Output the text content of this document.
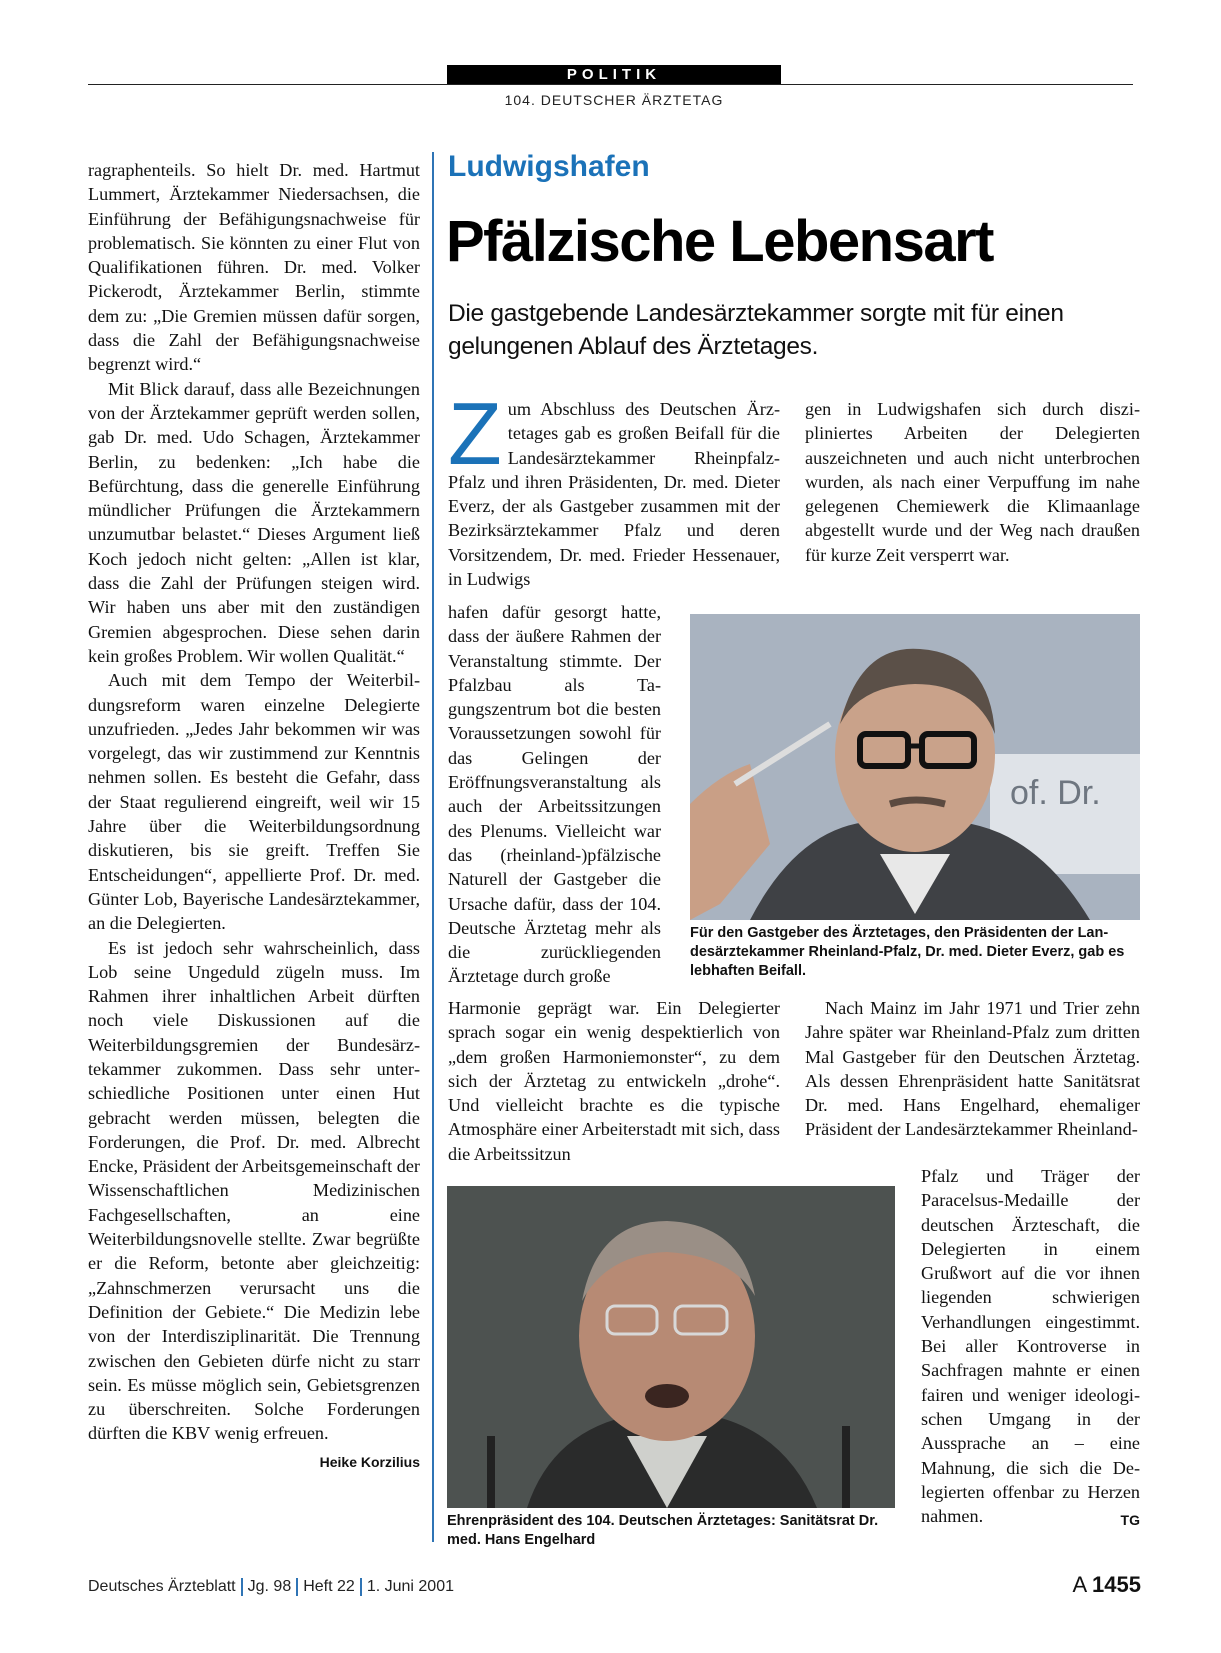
POLITIK
104. DEUTSCHER ÄRZTETAG

ragraphenteils. So hielt Dr. med. Hartmut Lummert, Ärztekammer Niedersachsen, die Einführung der Befähigungsnachweise für problematisch. Sie könnten zu einer Flut von Qualifikationen führen. Dr. med. Volker Pickerodt, Ärztekammer Berlin, stimmte dem zu: „Die Gremien müssen dafür sorgen, dass die Zahl der Befähigungsnachweise begrenzt wird.“

Mit Blick darauf, dass alle Bezeichnungen von der Ärztekammer geprüft werden sollen, gab Dr. med. Udo Schagen, Ärztekammer Berlin, zu bedenken: „Ich habe die Befürchtung, dass die generelle Einführung mündlicher Prüfungen die Ärztekammern unzumutbar belastet.“ Dieses Argument ließ Koch jedoch nicht gelten: „Allen ist klar, dass die Zahl der Prüfungen steigen wird. Wir haben uns aber mit den zuständigen Gremien abgesprochen. Diese sehen darin kein großes Problem. Wir wollen Qualität.“

Auch mit dem Tempo der Weiterbildungsreform waren einzelne Delegierte unzufrieden. „Jedes Jahr bekommen wir was vorgelegt, das wir zustimmend zur Kenntnis nehmen sollen. Es besteht die Gefahr, dass der Staat regulierend eingreift, weil wir 15 Jahre über die Weiterbildungsordnung diskutieren, bis sie greift. Treffen Sie Entscheidungen“, appellierte Prof. Dr. med. Günter Lob, Bayerische Landesärztekammer, an die Delegierten.

Es ist jedoch sehr wahrscheinlich, dass Lob seine Ungeduld zügeln muss. Im Rahmen ihrer inhaltlichen Arbeit dürften noch viele Diskussionen auf die Weiterbildungsgremien der Bundesärztekammer zukommen. Dass sehr unterschiedliche Positionen unter einen Hut gebracht werden müssen, belegten die Forderungen, die Prof. Dr. med. Albrecht Encke, Präsident der Arbeitsgemeinschaft der Wissenschaftlichen Medizinischen Fachgesellschaften, an eine Weiterbildungsnovelle stellte. Zwar begrüßte er die Reform, betonte aber gleichzeitig: „Zahnschmerzen verursacht uns die Definition der Gebiete.“ Die Medizin lebe von der Interdisziplinarität. Die Trennung zwischen den Gebieten dürfe nicht zu starr sein. Es müsse möglich sein, Gebietsgrenzen zu überschreiten. Solche Forderungen dürften die KBV wenig erfreuen.
Heike Korzilius

Ludwigshafen
Pfälzische Lebensart
Die gastgebende Landesärztekammer sorgte mit für einen gelungenen Ablauf des Ärztetages.

Zum Abschluss des Deutschen Ärztetages gab es großen Beifall für die Landesärztekammer Rheinpfalz-Pfalz und ihren Präsidenten, Dr. med. Dieter Everz, der als Gastgeber zusammen mit der Bezirksärztekammer Pfalz und deren Vorsitzendem, Dr. med. Frieder Hessenauer, in Ludwigs

hafen dafür gesorgt hatte, dass der äußere Rahmen der Veranstaltung stimmte. Der Pfalzbau als Tagungszentrum bot die besten Voraussetzungen sowohl für das Gelingen der Eröffnungsveranstaltung als auch der Arbeitssitzungen des Plenums. Vielleicht war das (rheinland-)pfälzische Naturell der Gastgeber die Ursache dafür, dass der 104. Deutsche Ärztetag mehr als die zurückliegenden Ärztetage durch große

Harmonie geprägt war. Ein Delegierter sprach sogar ein wenig despektierlich von „dem großen Harmoniemonster“, zu dem sich der Ärztetag zu entwickeln „drohe“. Und vielleicht brachte es die typische Atmosphäre einer Arbeiterstadt mit sich, dass die Arbeitssitzun

gen in Ludwigshafen sich durch diszipliniertes Arbeiten der Delegierten auszeichneten und auch nicht unterbrochen wurden, als nach einer Verpuffung im nahe gelegenen Chemiewerk die Klimaanlage abgestellt wurde und der Weg nach draußen für kurze Zeit versperrt war.

of. Dr.
Für den Gastgeber des Ärztetages, den Präsidenten der Landesärztekammer Rheinland-Pfalz, Dr. med. Dieter Everz, gab es lebhaften Beifall.

Nach Mainz im Jahr 1971 und Trier zehn Jahre später war Rheinland-Pfalz zum dritten Mal Gastgeber für den Deutschen Ärztetag. Als dessen Ehrenpräsident hatte Sanitätsrat Dr. med. Hans Engelhard, ehemaliger Präsident der Landesärztekammer Rheinland-

Pfalz und Träger der Paracelsus-Medaille der deutschen Ärzteschaft, die Delegierten in einem Grußwort auf die vor ihnen liegenden schwierigen Verhandlungen eingestimmt. Bei aller Kontroverse in Sachfragen mahnte er einen fairen und weniger ideologischen Umgang in der Aussprache an – eine Mahnung, die sich die Delegierten offenbar zu Herzen nahmen.	TG

Ehrenpräsident des 104. Deutschen Ärztetages: Sanitätsrat Dr. med. Hans Engelhard
Deutsches Ärzteblatt Jg. 98 Heft 22 1. Juni 2001	A 1455
